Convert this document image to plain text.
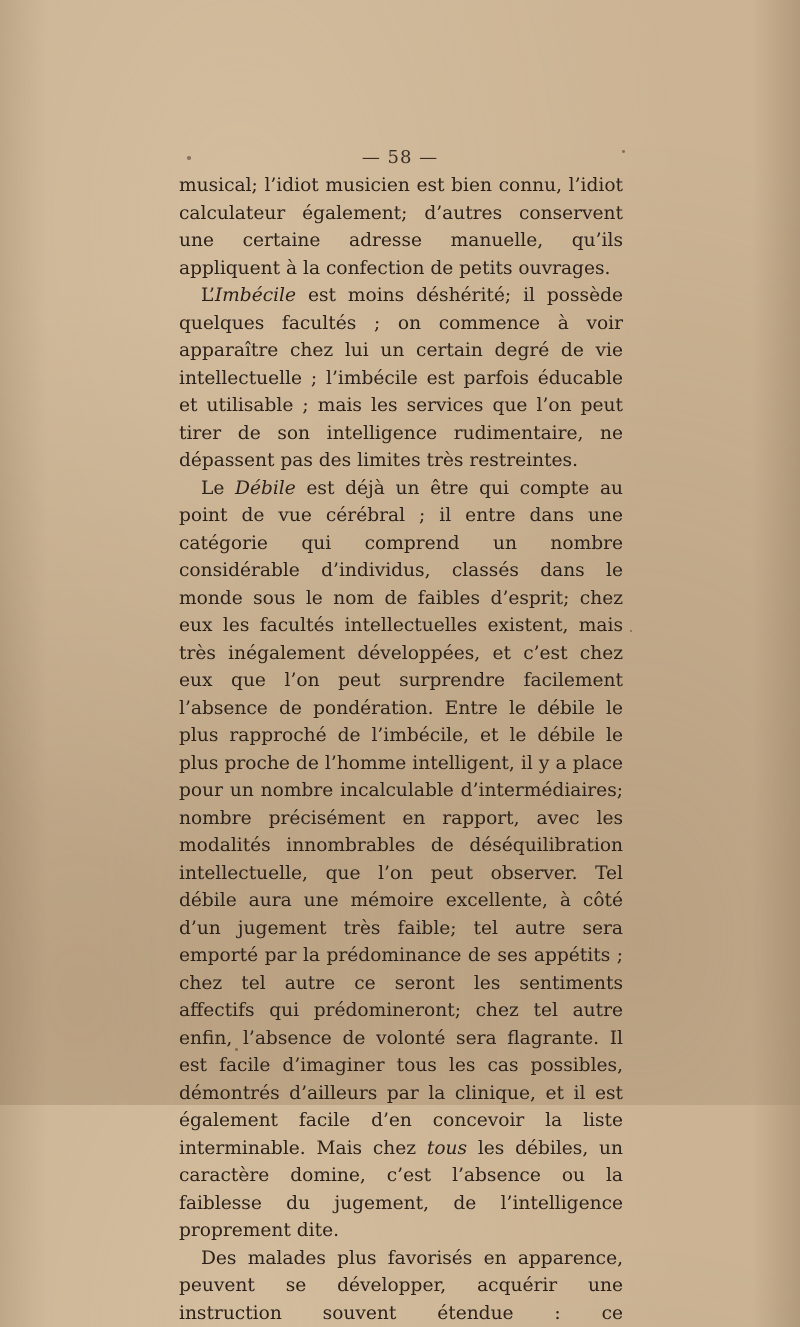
— 58 —

musical; l’idiot musicien est bien connu, l’idiot calculateur également; d’autres conservent une certaine adresse manuelle, qu’ils appliquent à la confection de petits ouvrages.

L’Imbécile est moins déshérité; il possède quelques facultés ; on commence à voir apparaître chez lui un certain degré de vie intellectuelle ; l’imbécile est parfois éducable et utilisable ; mais les services que l’on peut tirer de son intelligence rudimentaire, ne dépassent pas des limites très restreintes.

Le Débile est déjà un être qui compte au point de vue cérébral ; il entre dans une catégorie qui comprend un nombre considérable d’individus, classés dans le monde sous le nom de faibles d’esprit; chez eux les facultés intellectuelles existent, mais très inégalement développées, et c’est chez eux que l’on peut surprendre facilement l’absence de pondération. Entre le débile le plus rapproché de l’imbécile, et le débile le plus proche de l’homme intelligent, il y a place pour un nombre incalculable d’intermédiaires; nombre précisément en rapport, avec les modalités innombrables de déséquilibration intellectuelle, que l’on peut observer. Tel débile aura une mémoire excellente, à côté d’un jugement très faible; tel autre sera emporté par la prédominance de ses appétits ; chez tel autre ce seront les sentiments affectifs qui prédomineront; chez tel autre enfin, l’absence de volonté sera flagrante. Il est facile d’imaginer tous les cas possibles, démontrés d’ailleurs par la clinique, et il est également facile d’en concevoir la liste interminable. Mais chez tous les débiles, un caractère domine, c’est l’absence ou la faiblesse du jugement, de l’intelligence proprement dite.

Des malades plus favorisés en apparence, peuvent se développer, acquérir une instruction souvent étendue : ce
